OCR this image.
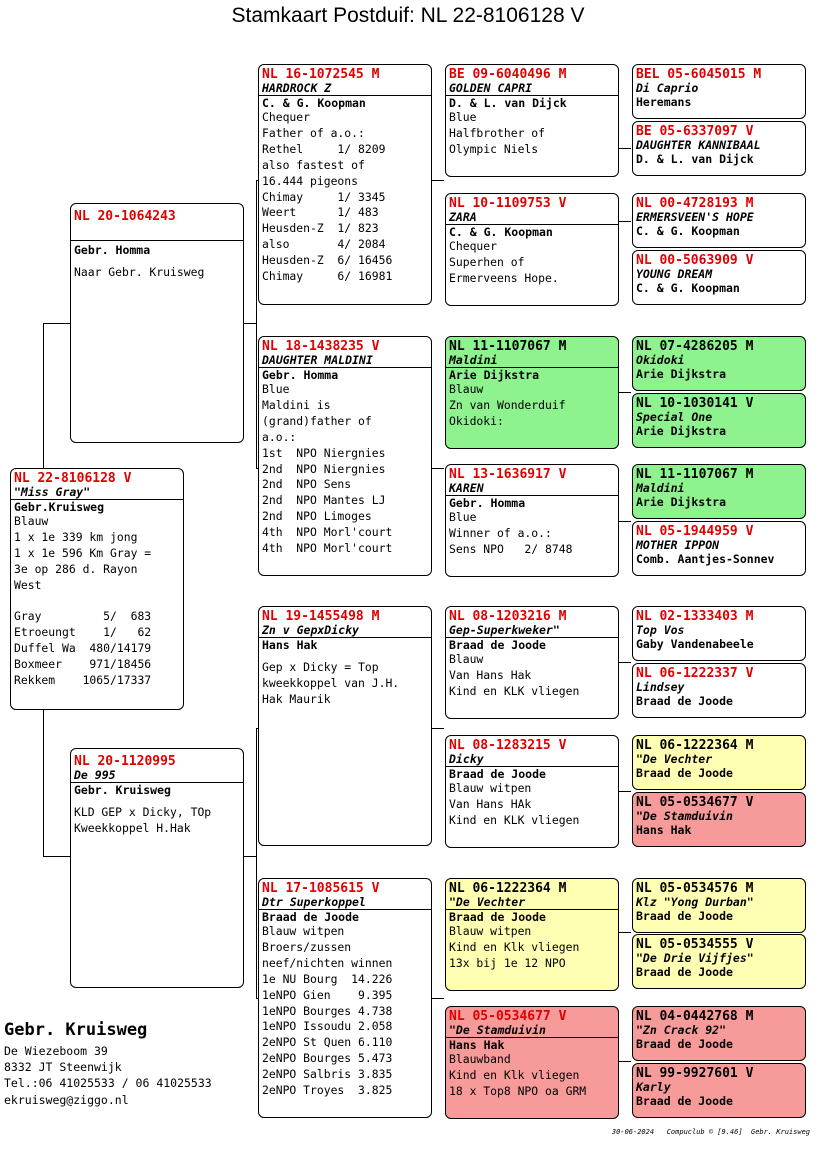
Stamkaart Postduif: NL 22-8106128 V
NL 22-8106128 V
"Miss Gray"
Gebr.Kruisweg
Blauw
1 x 1e 339 km jong
1 x 1e 596 Km Gray =
3e op 286 d. Rayon
West
Gray         5/  683
Etroeungt    1/   62
Duffel Wa  480/14179
Boxmeer    971/18456
Rekkem    1065/17337
NL 20-1064243
Gebr. Homma
Naar Gebr. Kruisweg
NL 20-1120995
De 995
Gebr. Kruisweg
KLD GEP x Dicky, TOp
Kweekkoppel H.Hak
NL 16-1072545 M
HARDROCK Z
C. & G. Koopman
Chequer
Father of a.o.:
Rethel     1/ 8209
also fastest of
16.444 pigeons
Chimay     1/ 3345
Weert      1/ 483
Heusden-Z  1/ 823
also       4/ 2084
Heusden-Z  6/ 16456
Chimay     6/ 16981
NL 18-1438235 V
DAUGHTER MALDINI
Gebr. Homma
Blue
Maldini is
(grand)father of
a.o.:
1st  NPO Niergnies
2nd  NPO Niergnies
2nd  NPO Sens
2nd  NPO Mantes LJ
2nd  NPO Limoges
4th  NPO Morl'court
4th  NPO Morl'court
NL 19-1455498 M
Zn v GepxDicky
Hans Hak
Gep x Dicky = Top
kweekkoppel van J.H.
Hak Maurik
NL 17-1085615 V
Dtr Superkoppel
Braad de Joode
Blauw witpen
Broers/zussen
neef/nichten winnen
1e NU Bourg  14.226
1eNPO Gien    9.395
1eNPO Bourges 4.738
1eNPO Issoudu 2.058
2eNPO St Quen 6.110
2eNPO Bourges 5.473
2eNPO Salbris 3.835
2eNPO Troyes  3.825
BE 09-6040496 M
GOLDEN CAPRI
D. & L. van Dijck
Blue
Halfbrother of
Olympic Niels
NL 10-1109753 V
ZARA
C. & G. Koopman
Chequer
Superhen of
Ermerveens Hope.
NL 11-1107067 M
Maldini
Arie Dijkstra
Blauw
Zn van Wonderduif
Okidoki:
NL 13-1636917 V
KAREN
Gebr. Homma
Blue
Winner of a.o.:
Sens NPO   2/ 8748
NL 08-1203216 M
Gep-Superkweker"
Braad de Joode
Blauw
Van Hans Hak
Kind en KLK vliegen
NL 08-1283215 V
Dicky
Braad de Joode
Blauw witpen
Van Hans HAk
Kind en KLK vliegen
NL 06-1222364 M
"De Vechter
Braad de Joode
Blauw witpen
Kind en Klk vliegen
13x bij 1e 12 NPO
NL 05-0534677 V
"De Stamduivin
Hans Hak
Blauwband
Kind en Klk vliegen
18 x Top8 NPO oa GRM
BEL 05-6045015 M
Di Caprio
Heremans
BE 05-6337097 V
DAUGHTER KANNIBAAL
D. & L. van Dijck
NL 00-4728193 M
ERMERSVEEN'S HOPE
C. & G. Koopman
NL 00-5063909 V
YOUNG DREAM
C. & G. Koopman
NL 07-4286205 M
Okidoki
Arie Dijkstra
NL 10-1030141 V
Special One
Arie Dijkstra
NL 11-1107067 M
Maldini
Arie Dijkstra
NL 05-1944959 V
MOTHER IPPON
Comb. Aantjes-Sonnev
NL 02-1333403 M
Top Vos
Gaby Vandenabeele
NL 06-1222337 V
Lindsey
Braad de Joode
NL 06-1222364 M
"De Vechter
Braad de Joode
NL 05-0534677 V
"De Stamduivin
Hans Hak
NL 05-0534576 M
Klz "Yong Durban"
Braad de Joode
NL 05-0534555 V
"De Drie Vijfjes"
Braad de Joode
NL 04-0442768 M
"Zn Crack 92"
Braad de Joode
NL 99-9927601 V
Karly
Braad de Joode
Gebr. Kruisweg
De Wiezeboom 39
8332 JT Steenwijk
Tel.:06 41025533 / 06 41025533
ekruisweg@ziggo.nl
30-06-2024   Compuclub © [9.46]  Gebr. Kruisweg
